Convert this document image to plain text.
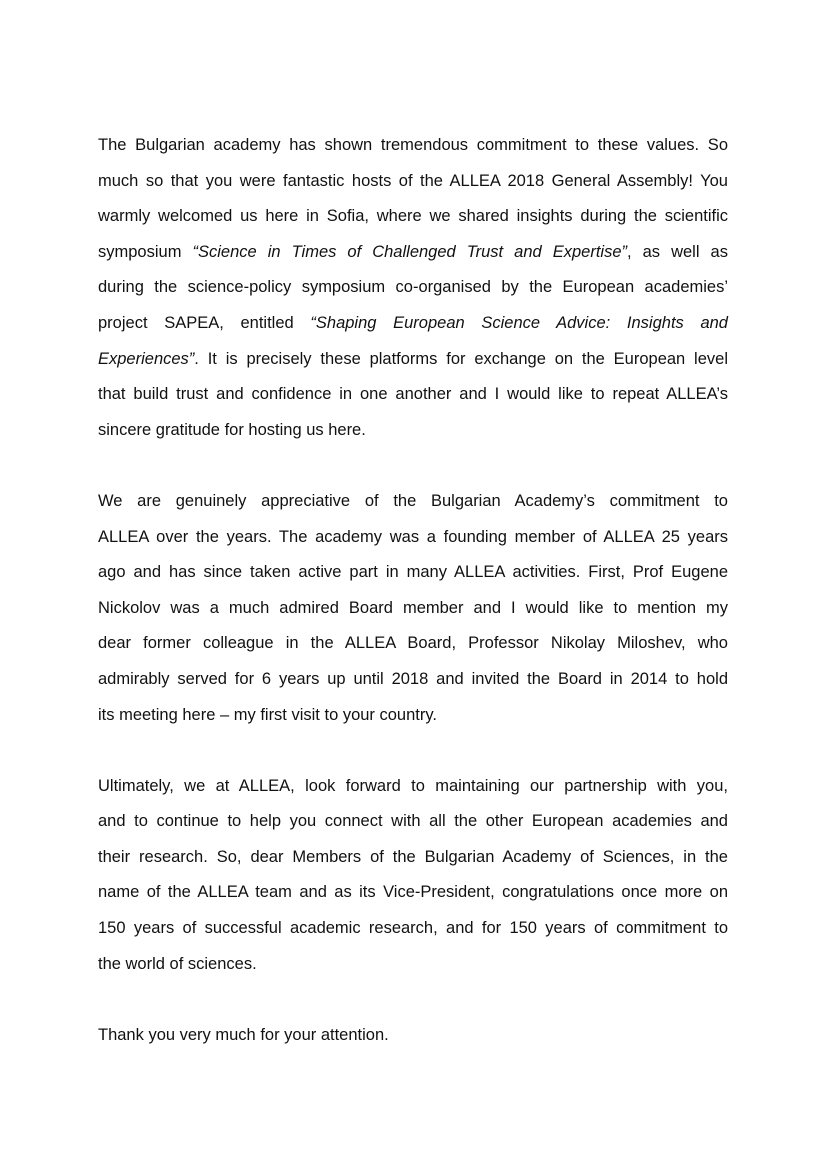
The Bulgarian academy has shown tremendous commitment to these values. So
much so that you were fantastic hosts of the ALLEA 2018 General Assembly! You
warmly welcomed us here in Sofia, where we shared insights during the scientific
symposium “Science in Times of Challenged Trust and Expertise”, as well as
during the science-policy symposium co-organised by the European academies’
project SAPEA, entitled “Shaping European Science Advice: Insights and
Experiences”. It is precisely these platforms for exchange on the European level
that build trust and confidence in one another and I would like to repeat ALLEA’s
sincere gratitude for hosting us here.

We are genuinely appreciative of the Bulgarian Academy’s commitment to
ALLEA over the years. The academy was a founding member of ALLEA 25 years
ago and has since taken active part in many ALLEA activities. First, Prof Eugene
Nickolov was a much admired Board member and I would like to mention my
dear former colleague in the ALLEA Board, Professor Nikolay Miloshev, who
admirably served for 6 years up until 2018 and invited the Board in 2014 to hold
its meeting here – my first visit to your country.

Ultimately, we at ALLEA, look forward to maintaining our partnership with you,
and to continue to help you connect with all the other European academies and
their research. So, dear Members of the Bulgarian Academy of Sciences, in the
name of the ALLEA team and as its Vice-President, congratulations once more on
150 years of successful academic research, and for 150 years of commitment to
the world of sciences.

Thank you very much for your attention.
